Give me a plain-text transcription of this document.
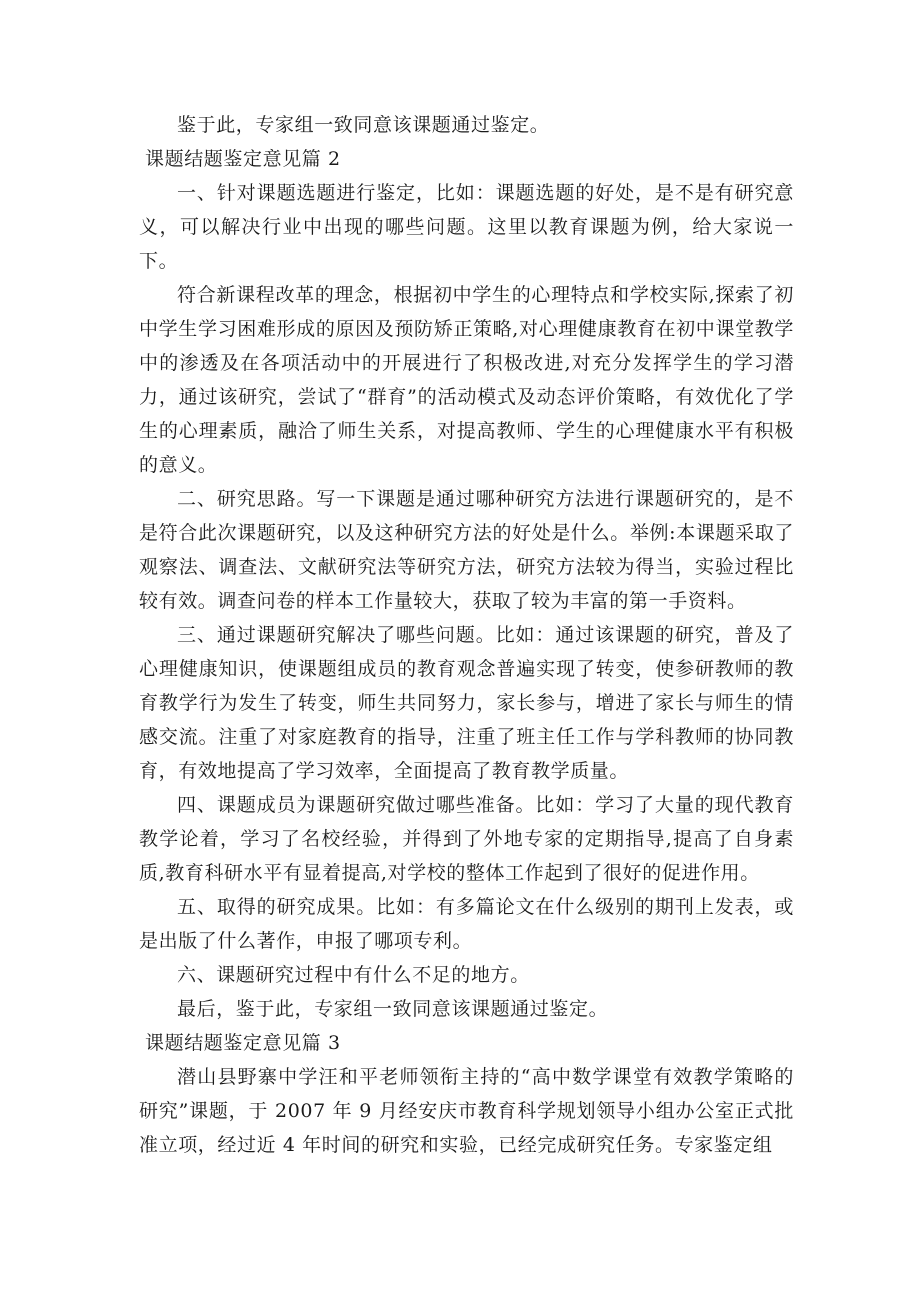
鉴于此，专家组一致同意该课题通过鉴定。

课题结题鉴定意见篇 2

一、针对课题选题进行鉴定，比如：课题选题的好处，是不是有研究意义，可以解决行业中出现的哪些问题。这里以教育课题为例，给大家说一下。

符合新课程改革的理念，根据初中学生的心理特点和学校实际,探索了初中学生学习困难形成的原因及预防矫正策略,对心理健康教育在初中课堂教学中的渗透及在各项活动中的开展进行了积极改进,对充分发挥学生的学习潜力，通过该研究，尝试了“群育”的活动模式及动态评价策略，有效优化了学生的心理素质，融洽了师生关系，对提高教师、学生的心理健康水平有积极的意义。

二、研究思路。写一下课题是通过哪种研究方法进行课题研究的，是不是符合此次课题研究，以及这种研究方法的好处是什么。举例:本课题采取了观察法、调查法、文献研究法等研究方法，研究方法较为得当，实验过程比较有效。调查问卷的样本工作量较大，获取了较为丰富的第一手资料。

三、通过课题研究解决了哪些问题。比如：通过该课题的研究，普及了心理健康知识，使课题组成员的教育观念普遍实现了转变，使参研教师的教育教学行为发生了转变，师生共同努力，家长参与，增进了家长与师生的情感交流。注重了对家庭教育的指导，注重了班主任工作与学科教师的协同教育，有效地提高了学习效率，全面提高了教育教学质量。

四、课题成员为课题研究做过哪些准备。比如：学习了大量的现代教育教学论着，学习了名校经验，并得到了外地专家的定期指导,提高了自身素质,教育科研水平有显着提高,对学校的整体工作起到了很好的促进作用。

五、取得的研究成果。比如：有多篇论文在什么级别的期刊上发表，或是出版了什么著作，申报了哪项专利。

六、课题研究过程中有什么不足的地方。

最后，鉴于此，专家组一致同意该课题通过鉴定。

课题结题鉴定意见篇 3

潜山县野寨中学汪和平老师领衔主持的“高中数学课堂有效教学策略的研究”课题，于 2007 年 9 月经安庆市教育科学规划领导小组办公室正式批准立项，经过近 4 年时间的研究和实验，已经完成研究任务。专家鉴定组
